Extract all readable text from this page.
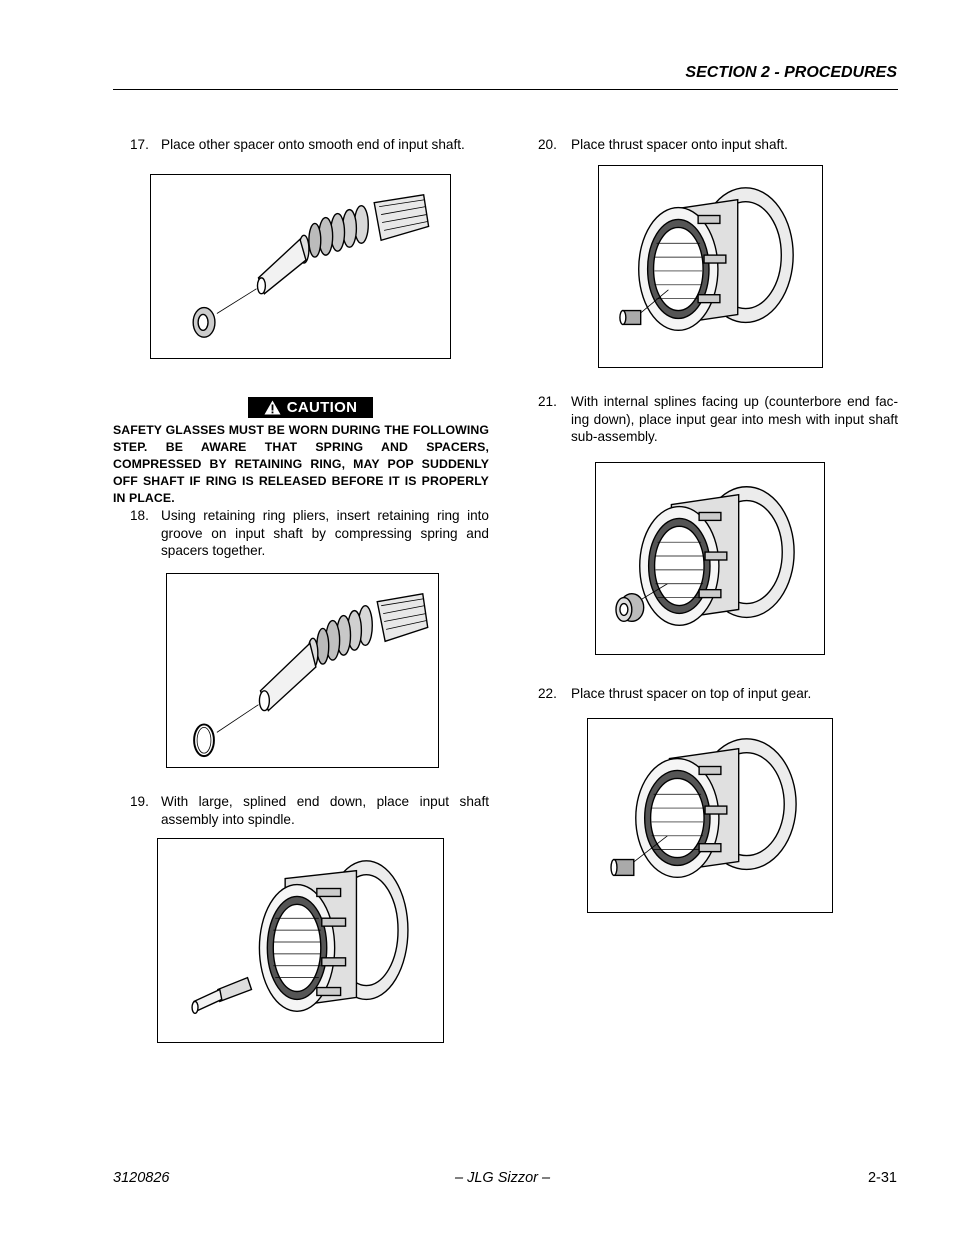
SECTION 2 - PROCEDURES
17. Place other spacer onto smooth end of input shaft.
CAUTION
SAFETY GLASSES MUST BE WORN DURING THE FOLLOWING STEP. BE AWARE THAT SPRING AND SPACERS, COMPRESSED BY RETAINING RING, MAY POP SUDDENLY OFF SHAFT IF RING IS RELEASED BEFORE IT IS PROPERLY IN PLACE.
18. Using retaining ring pliers, insert retaining ring into groove on input shaft by compressing spring and spacers together.
19. With large, splined end down, place input shaft assembly into spindle.
20. Place thrust spacer onto input shaft.
21. With internal splines facing up (counterbore end fac-ing down), place input gear into mesh with input shaft sub-assembly.
22. Place thrust spacer on top of input gear.
3120826	– JLG Sizzor –	2-31
